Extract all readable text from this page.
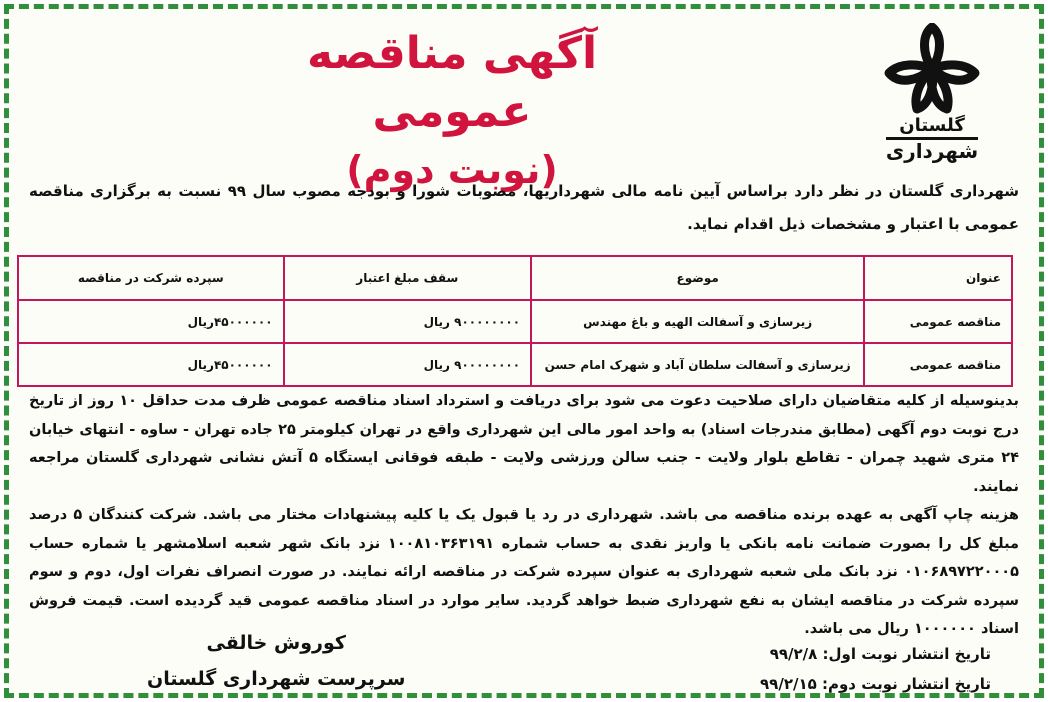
گلستان
شهرداری
آگهی مناقصه عمومی
(نوبت دوم)
شهرداری گلستان در نظر دارد براساس آیین نامه مالی شهرداریها، مصوبات شورا و بودجه مصوب سال ۹۹ نسبت به برگزاری مناقصه عمومی با اعتبار و مشخصات ذیل اقدام نماید.
عنوان	موضوع	سقف مبلغ اعتبار	سپرده شرکت در مناقصه
مناقصه عمومی	زیرسازی و آسفالت الهیه و باغ مهندس	۹۰۰۰۰۰۰۰۰ ریال	۴۵۰۰۰۰۰۰ریال
مناقصه عمومی	زیرسازی و آسفالت سلطان آباد و شهرک امام حسن	۹۰۰۰۰۰۰۰۰ ریال	۴۵۰۰۰۰۰۰ریال

بدینوسیله از کلیه متقاضیان دارای صلاحیت دعوت می شود برای دریافت و استرداد اسناد مناقصه عمومی ظرف مدت حداقل ۱۰ روز از تاریخ درج نوبت دوم آگهی (مطابق مندرجات اسناد) به واحد امور مالی این شهرداری واقع در تهران کیلومتر ۲۵ جاده تهران - ساوه - انتهای خیابان ۲۴ متری شهید چمران - تقاطع بلوار ولایت - جنب سالن ورزشی ولایت - طبقه فوقانی ایستگاه ۵ آتش نشانی شهرداری گلستان مراجعه نمایند.

هزینه چاپ آگهی به عهده برنده مناقصه می باشد. شهرداری در رد یا قبول یک یا کلیه پیشنهادات مختار می باشد. شرکت کنندگان ۵ درصد مبلغ کل را بصورت ضمانت نامه بانکی یا واریز نقدی به حساب شماره ۱۰۰۸۱۰۳۶۳۱۹۱ نزد بانک شهر شعبه اسلامشهر یا شماره حساب ۰۱۰۶۸۹۷۲۲۰۰۰۵ نزد بانک ملی شعبه شهرداری به عنوان سپرده شرکت در مناقصه ارائه نمایند. در صورت انصراف نفرات اول، دوم و سوم سپرده شرکت در مناقصه ایشان به نفع شهرداری ضبط خواهد گردید. سایر موارد در اسناد مناقصه عمومی قید گردیده است. قیمت فروش اسناد ۱۰۰۰۰۰۰ ریال می باشد.

تاریخ انتشار نوبت اول: ۹۹/۲/۸
تاریخ انتشار نوبت دوم: ۹۹/۲/۱۵
کوروش خالقی
سرپرست شهرداری گلستان
